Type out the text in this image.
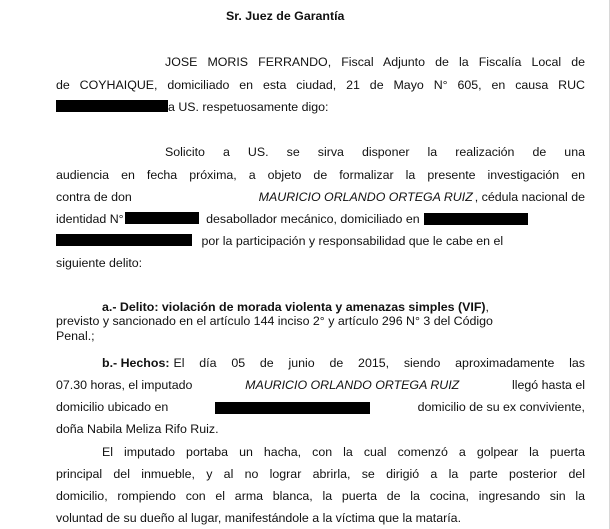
Sr. Juez de Garantía
JOSE MORIS FERRANDO, Fiscal Adjunto de la Fiscalía Local de
de COYHAIQUE, domiciliado en esta ciudad, 21 de Mayo N° 605, en causa RUC
a US. respetuosamente digo:
Solicito a US. se sirva disponer la realización de una
audiencia en fecha próxima, a objeto de formalizar la presente investigación en
contra de don	MAURICIO ORLANDO ORTEGA RUIZ , cédula nacional de
identidad N°	desabollador mecánico, domiciliado en
por la participación y responsabilidad que le cabe en el
siguiente delito:
a.- Delito: violación de morada violenta y amenazas simples (VIF),
previsto y sancionado en el artículo 144 inciso 2° y artículo 296 N° 3 del Código
Penal.;
b.- Hechos: El día 05 de junio de 2015, siendo aproximadamente las
07.30 horas, el imputado	MAURICIO ORLANDO ORTEGA RUIZ	llegó hasta el
domicilio ubicado en	domicilio de su ex conviviente,
doña Nabila Meliza Rifo Ruiz.
El imputado portaba un hacha, con la cual comenzó a golpear la puerta
principal del inmueble, y al no lograr abrirla, se dirigió a la parte posterior del
domicilio, rompiendo con el arma blanca, la puerta de la cocina, ingresando sin la
voluntad de su dueño al lugar, manifestándole a la víctima que la mataría.
